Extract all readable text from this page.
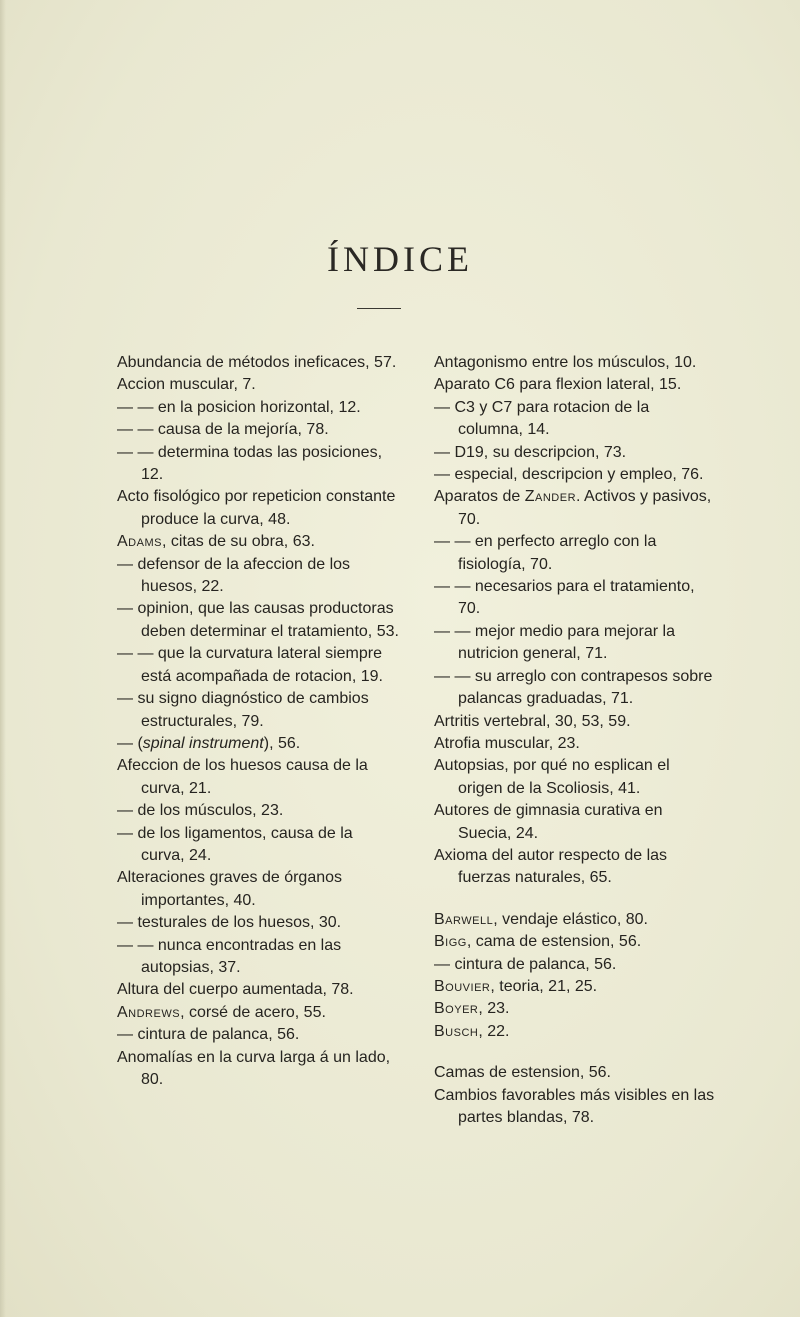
ÍNDICE
Abundancia de métodos ineficaces, 57.
Accion muscular, 7.
— — en la posicion horizontal, 12.
— — causa de la mejoría, 78.
— — determina todas las posiciones, 12.
Acto fisológico por repeticion constante produce la curva, 48.
Adams, citas de su obra, 63.
— defensor de la afeccion de los huesos, 22.
— opinion, que las causas productoras deben determinar el tratamiento, 53.
— — que la curvatura lateral siempre está acompañada de rotacion, 19.
— su signo diagnóstico de cambios estructurales, 79.
— (spinal instrument), 56.
Afeccion de los huesos causa de la curva, 21.
— de los músculos, 23.
— de los ligamentos, causa de la curva, 24.
Alteraciones graves de órganos importantes, 40.
— testurales de los huesos, 30.
— — nunca encontradas en las autopsias, 37.
Altura del cuerpo aumentada, 78.
Andrews, corsé de acero, 55.
— cintura de palanca, 56.
Anomalías en la curva larga á un lado, 80.
Antagonismo entre los músculos, 10.
Aparato C6 para flexion lateral, 15.
— C3 y C7 para rotacion de la columna, 14.
— D19, su descripcion, 73.
— especial, descripcion y empleo, 76.
Aparatos de Zander. Activos y pasivos, 70.
— — en perfecto arreglo con la fisiología, 70.
— — necesarios para el tratamiento, 70.
— — mejor medio para mejorar la nutricion general, 71.
— — su arreglo con contrapesos sobre palancas graduadas, 71.
Artritis vertebral, 30, 53, 59.
Atrofia muscular, 23.
Autopsias, por qué no esplican el origen de la Scoliosis, 41.
Autores de gimnasia curativa en Suecia, 24.
Axioma del autor respecto de las fuerzas naturales, 65.
Barwell, vendaje elástico, 80.
Bigg, cama de estension, 56.
— cintura de palanca, 56.
Bouvier, teoria, 21, 25.
Boyer, 23.
Busch, 22.
Camas de estension, 56.
Cambios favorables más visibles en las partes blandas, 78.
